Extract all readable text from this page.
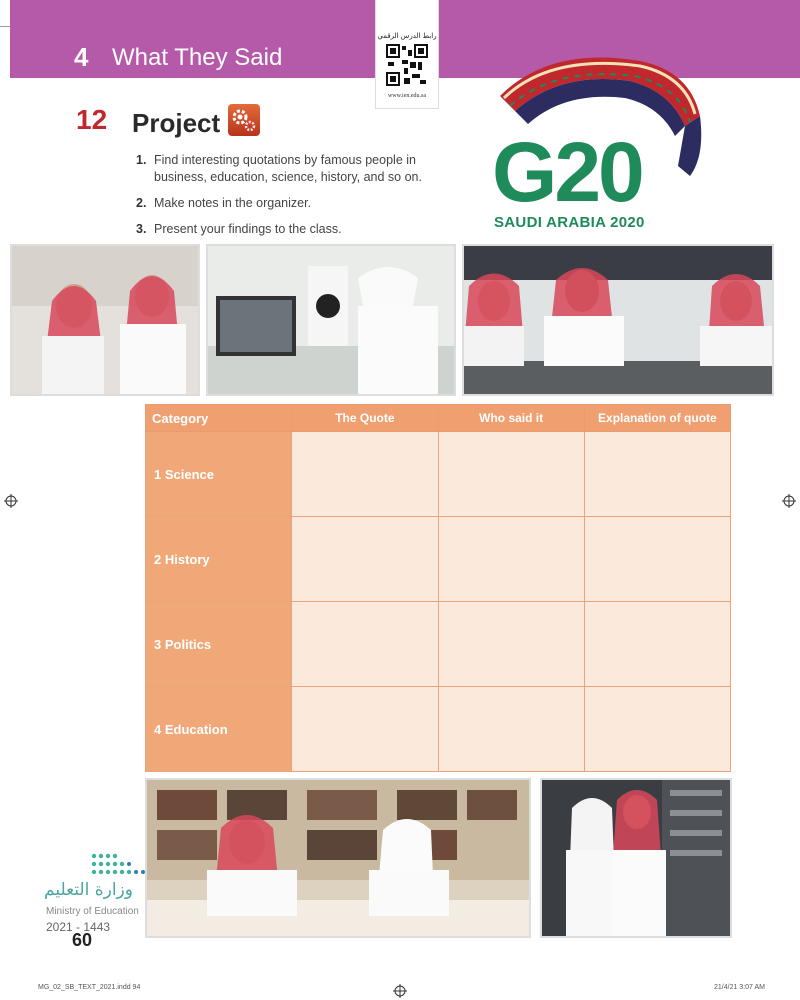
4 What They Said
رابط الدرس الرقمي
www.ien.edu.sa
12 Project
1. Find interesting quotations by famous people in business, education, science, history, and so on.
2. Make notes in the organizer.
3. Present your findings to the class.
G20
SAUDI ARABIA 2020
Category	The Quote	Who said it	Explanation of quote
1 Science			
2 History			
3 Politics			
4 Education			
وزارة التعليم
Ministry of Education
2021 - 1443
60
MG_02_SB_TEXT_2021.indd 94	21/4/21 3:07 AM
